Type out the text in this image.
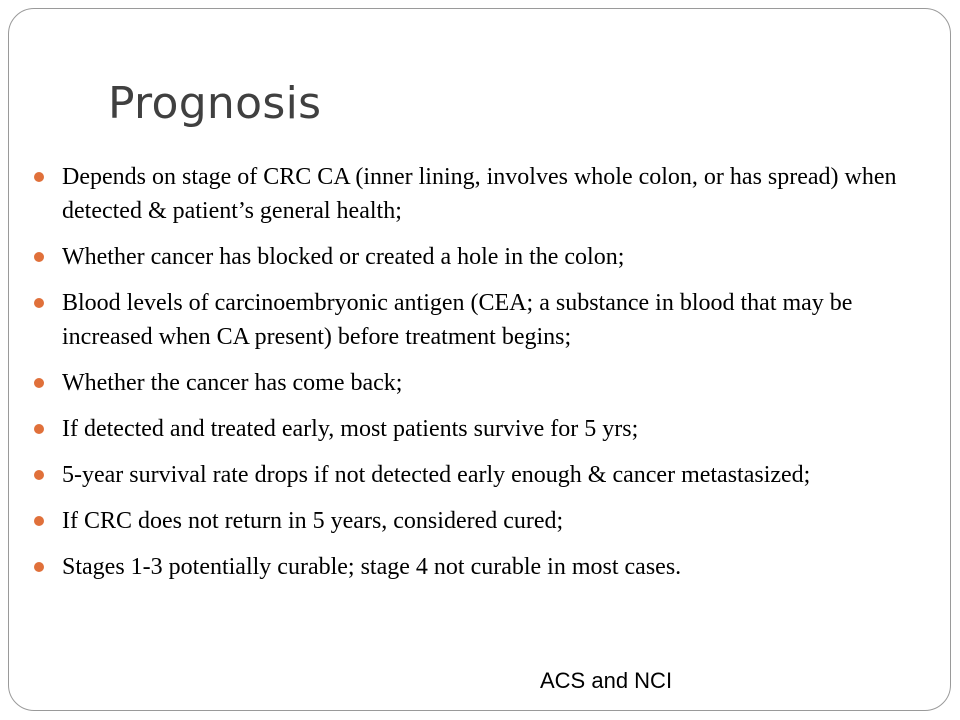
Prognosis
Depends on stage of CRC CA (inner lining, involves whole colon, or has spread) when detected & patient’s general health;
Whether cancer has blocked or created a hole in the colon;
Blood levels of carcinoembryonic antigen (CEA; a substance in blood that may be increased when CA present) before treatment begins;
Whether the cancer has come back;
If detected and treated early, most patients survive for 5 yrs;
5-year survival rate drops if not detected early enough & cancer metastasized;
If CRC does not return in 5 years, considered cured;
Stages 1-3 potentially curable; stage 4 not curable in most cases.
ACS and NCI
